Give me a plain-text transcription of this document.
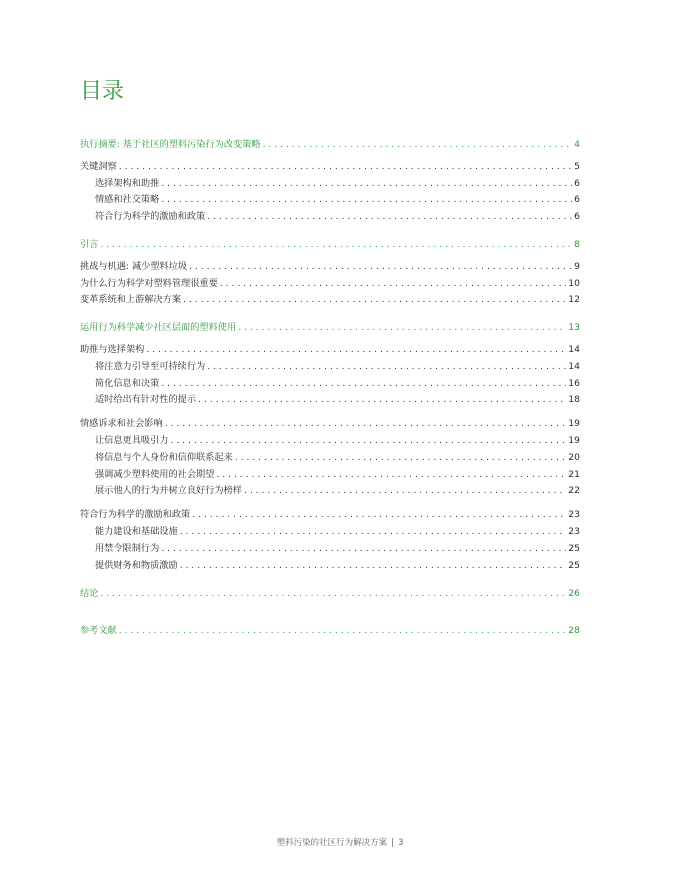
目录
执行摘要: 基于社区的塑料污染行为改变策略 . . .	4
关键洞察 . . .	5
选择架构和助推 . . .	6
情感和社交策略 . . .	6
符合行为科学的激励和政策 . . .	6
引言 . . .	8
挑战与机遇: 减少塑料垃圾 . . .	9
为什么行为科学对塑料管理很重要 . . .	10
变革系统和上游解决方案 . . .	12
运用行为科学减少社区层面的塑料使用 . . .	13
助推与选择架构 . . .	14
将注意力引导至可持续行为 . . .	14
简化信息和决策 . . .	16
适时给出有针对性的提示 . . .	18
情感诉求和社会影响 . . .	19
让信息更具吸引力 . . .	19
将信息与个人身份和信仰联系起来 . . .	20
强调减少塑料使用的社会期望 . . .	21
展示他人的行为并树立良好行为榜样 . . .	22
符合行为科学的激励和政策 . . .	23
能力建设和基础设施 . . .	23
用禁令限制行为 . . .	25
提供财务和物质激励 . . .	25
结论 . . .	26
参考文献 . . .	28
塑料污染的社区行为解决方案 | 3
